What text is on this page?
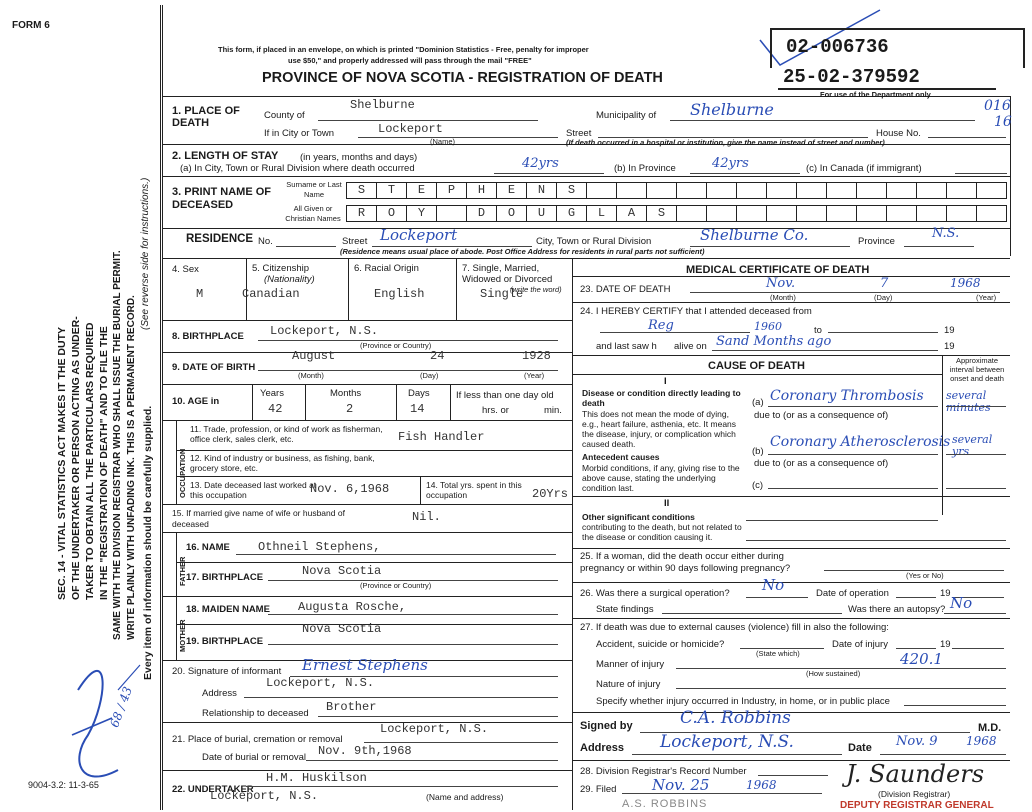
FORM 6
SEC. 14 - VITAL STATISTICS ACT MAKES IT THE DUTY OF THE UNDERTAKER OR PERSON ACTING AS UNDER- TAKER TO OBTAIN ALL THE PARTICULARS REQUIRED IN THE "REGISTRATION OF DEATH" AND TO FILE THE SAME WITH THE DIVISION REGISTRAR WHO SHALL ISSUE THE BURIAL PERMIT. WRITE PLAINLY WITH UNFADING INK. THIS IS A PERMANENT RECORD.
(See reverse side for instructions.)
Every item of information should be carefully supplied.
68 / 43
9004-3.2: 11-3-65
This form, if placed in an envelope, on which is printed "Dominion Statistics - Free, penalty for improper
use $50," and properly addressed will pass through the mail "FREE"
PROVINCE OF NOVA SCOTIA - REGISTRATION OF DEATH
02-006736
25-02-379592
For use of the Department only
016
16
1. PLACE OF DEATH
County of
Shelburne
Municipality of Shelburne
If in City or Town	Lockeport
(Name)
Street	House No.
(If death occurred in a hospital or institution, give the name instead of street and number)
2. LENGTH OF STAY (in years, months and days)
(a) In City, Town or Rural Division where death occurred	42yrs	(b) In Province	42yrs	(c) In Canada (if immigrant)
3. PRINT NAME OF DECEASED
Surname or Last Name
All Given or Christian Names
S	T	E	P	H	E	N	S
R	O	Y	D	O	U	G	L	A	S
RESIDENCE No.	Street Lockeport	City, Town or Rural Division	Shelburne Co.	Province
N.S.
(Residence means usual place of abode. Post Office Address for residents in rural parts not sufficient)
4. Sex
M
5. Citizenship
(Nationality)
Canadian
6. Racial Origin
English
7. Single, Married, Widowed or Divorced
(write the word)
Single
8. BIRTHPLACE Lockeport, N.S.
(Province or Country)
9. DATE OF BIRTH
August	24	1928
(Month)	(Day)	(Year)
10. AGE in
Years
42
Months
2
Days
14
If less than one day old
hrs. or	min.
OCCUPATION
11. Trade, profession, or kind of work as fisherman, office clerk, sales clerk, etc.	Fish Handler
12. Kind of industry or business, as fishing, bank, grocery store, etc.
13. Date deceased last worked at this occupation	Nov. 6,1968	14. Total yrs. spent in this occupation	20Yrs
15. If married give name of wife or husband of deceased	Nil.
FATHER
MOTHER
16. NAME Othneil Stephens,
17. BIRTHPLACE	Nova Scotia
(Province or Country)
18. MAIDEN NAME Augusta Rosche,
19. BIRTHPLACE
Nova Scotia
20. Signature of informant Ernest Stephens
Address
Lockeport, N.S.
Relationship to deceased Brother
21. Place of burial, cremation or removal
Lockeport, N.S.
Date of burial or removal Nov. 9th,1968
22. UNDERTAKER
H.M. Huskilson
Lockeport, N.S.	(Name and address)
MEDICAL CERTIFICATE OF DEATH
23. DATE OF DEATH	Nov.	7	1968
(Month)	(Day)	(Year)
24. I HEREBY CERTIFY that I attended deceased from
Reg	1960	to	19
and last saw h alive on Sand Months ago	19
CAUSE OF DEATH	Approximate interval between onset and death
I
Disease or condition directly leading to death
This does not mean the mode of dying, e.g., heart failure, asthenia, etc. It means the disease, injury, or complication which caused death.
(a) Coronary Thrombosis several minutes
due to (or as a consequence of)
Antecedent causes
Morbid conditions, if any, giving rise to the above cause, stating the underlying condition last.
(b)
Coronary Atherosclerosis several yrs
due to (or as a consequence of)
(c)
II
Other significant conditions
contributing to the death, but not related to the disease or condition causing it.
25. If a woman, did the death occur either during pregnancy or within 90 days following pregnancy?
(Yes or No)
26. Was there a surgical operation? No	Date of operation	19
State findings	Was there an autopsy? No
27. If death was due to external causes (violence) fill in also the following:
Accident, suicide or homicide?	Date of injury	19
(State which)
Manner of injury	420.1
(How sustained)
Nature of injury
Specify whether injury occurred in Industry, in home, or in public place
Signed by	C.A. Robbins	M.D.
Address Lockeport, N.S.	Date Nov. 9 1968
28. Division Registrar's Record Number
29. Filed Nov. 25	1968	J. Saunders
(Division Registrar)
A.S. ROBBINS	DEPUTY REGISTRAR GENERAL
